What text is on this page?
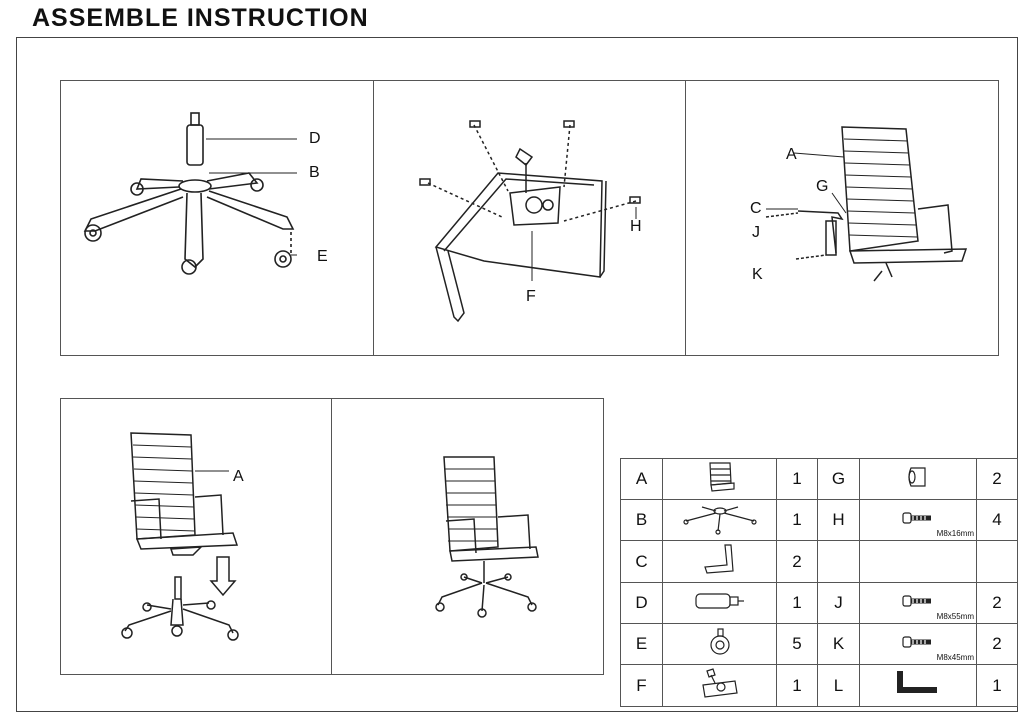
ASSEMBLE INSTRUCTION
D
B
E
H
F
A
G
C
J
K
A	A		1	G		2
B		1	H	M8x16mm	4
C		2			
D		1	J	M8x55mm	2
E		5	K	M8x45mm	2
F		1	L		1
